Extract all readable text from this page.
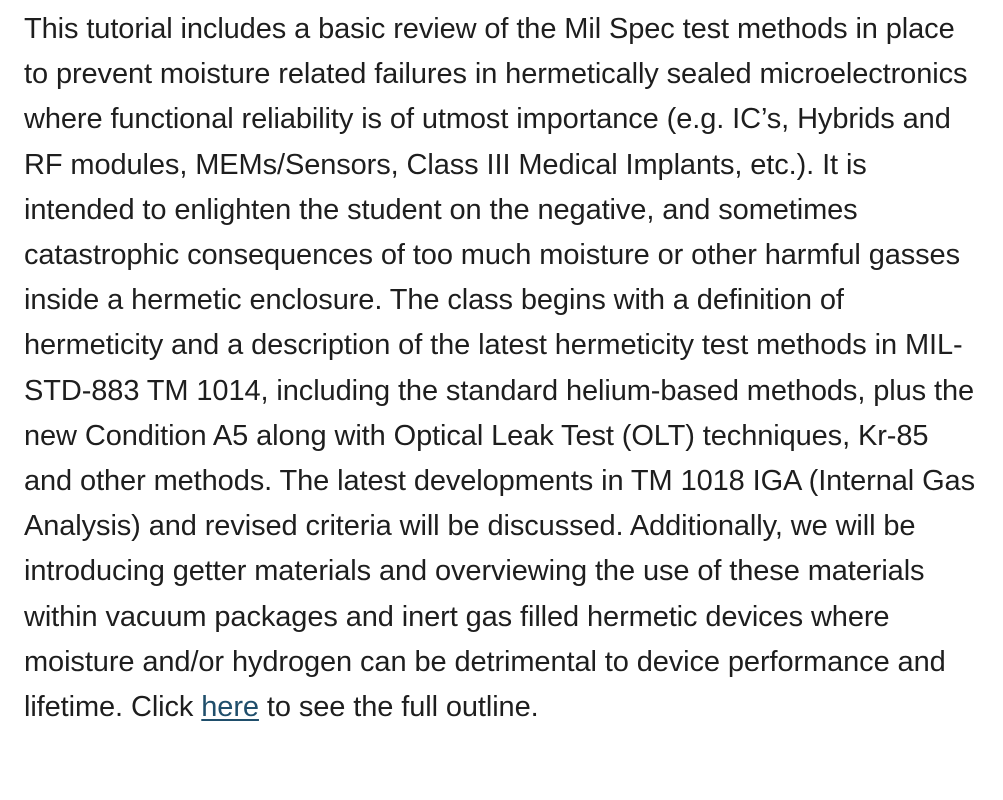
This tutorial includes a basic review of the Mil Spec test methods in place to prevent moisture related failures in hermetically sealed microelectronics where functional reliability is of utmost importance (e.g. IC’s, Hybrids and RF modules, MEMs/Sensors, Class III Medical Implants, etc.). It is intended to enlighten the student on the negative, and sometimes catastrophic consequences of too much moisture or other harmful gasses inside a hermetic enclosure. The class begins with a definition of hermeticity and a description of the latest hermeticity test methods in MIL-STD-883 TM 1014, including the standard helium-based methods, plus the new Condition A5 along with Optical Leak Test (OLT) techniques, Kr-85 and other methods. The latest developments in TM 1018 IGA (Internal Gas Analysis) and revised criteria will be discussed. Additionally, we will be introducing getter materials and overviewing the use of these materials within vacuum packages and inert gas filled hermetic devices where moisture and/or hydrogen can be detrimental to device performance and lifetime. Click here to see the full outline.
